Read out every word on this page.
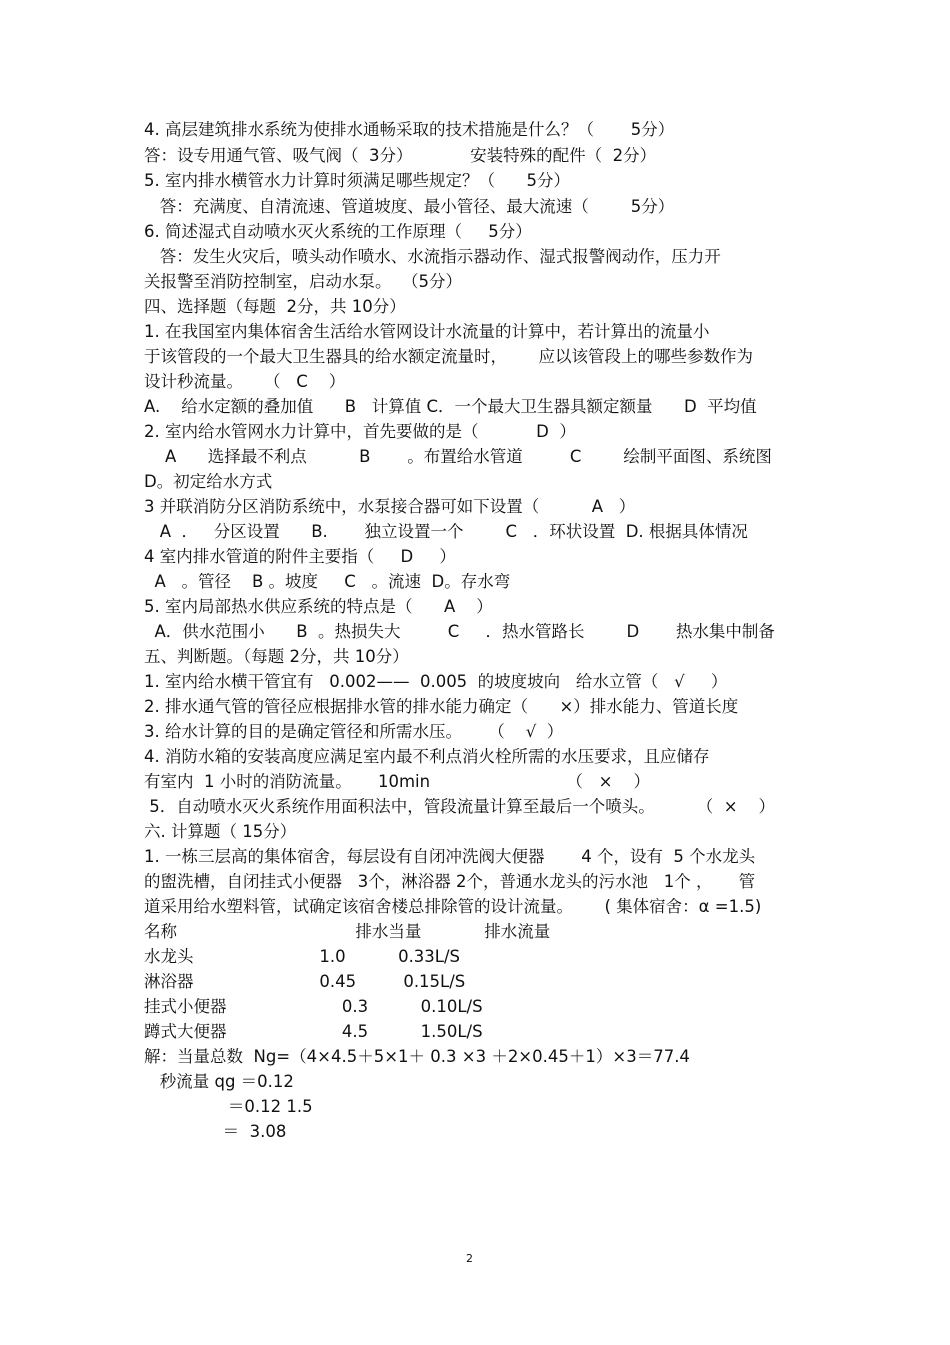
4. 高层建筑排水系统为使排水通畅采取的技术措施是什么？（       5分）
答：设专用通气管、吸气阀（  3分）           安装特殊的配件（  2分）
5. 室内排水横管水力计算时须满足哪些规定？（      5分）
答：充满度、自清流速、管道坡度、最小管径、最大流速（        5分）
6. 简述湿式自动喷水灭火系统的工作原理（     5分）
答：发生火灾后，喷头动作喷水、水流指示器动作、湿式报警阀动作，压力开
关报警至消防控制室，启动水泵。  （5分）
四、选择题（每题  2分，共 10分）
1. 在我国室内集体宿舍生活给水管网设计水流量的计算中，若计算出的流量小
于该管段的一个最大卫生器具的给水额定流量时，      应以该管段上的哪些参数作为
设计秒流量。    （   C    ）
A.    给水定额的叠加值      B   计算值 C．一个最大卫生器具额定额量      D  平均值
2. 室内给水管网水力计算中，首先要做的是（           D  ）
A      选择最不利点          B       。布置给水管道         C        绘制平面图、系统图
D。初定给水方式
3 并联消防分区消防系统中，水泵接合器可如下设置（          A   ）
A  ．   分区设置      B.       独立设置一个        C   ．环状设置  D. 根据具体情况
4 室内排水管道的附件主要指（     D     ）
A   。管径    B 。坡度     C   。流速  D。存水弯
5. 室内局部热水供应系统的特点是（      A    ）
A．供水范围小      B  。热损失大         C     ．热水管路长        D       热水集中制备
五、判断题。（每题 2分，共 10分）
1. 室内给水横干管宜有   0.002——  0.005  的坡度坡向   给水立管（   √     ）
2. 排水通气管的管径应根据排水管的排水能力确定（      ×）排水能力、管道长度
3. 给水计算的目的是确定管径和所需水压。     （    √  ）
4. 消防水箱的安装高度应满足室内最不利点消火栓所需的水压要求，且应储存
有室内  1 小时的消防流量。     10min                          （   ×    ）
5．自动喷水灭火系统作用面积法中，管段流量计算至最后一个喷头。        （  ×    ）
六. 计算题（ 15分）
1. 一栋三层高的集体宿舍，每层设有自闭冲洗阀大便器       4 个，设有  5 个水龙头
的盥洗槽，自闭挂式小便器   3个，淋浴器 2个，普通水龙头的污水池   1个 ，     管
道采用给水塑料管，试确定该宿舍楼总排除管的设计流量。      ( 集体宿舍：α =1.5)
名称                                  排水当量            排水流量
水龙头                        1.0          0.33L/S
淋浴器                        0.45         0.15L/S
挂式小便器                      0.3          0.10L/S
蹲式大便器                      4.5          1.50L/S
解：当量总数  Ng=（4×4.5＋5×1＋ 0.3 ×3 ＋2×0.45＋1）×3＝77.4
秒流量 qg ＝0.12
＝0.12 1.5
＝  3.08
2
